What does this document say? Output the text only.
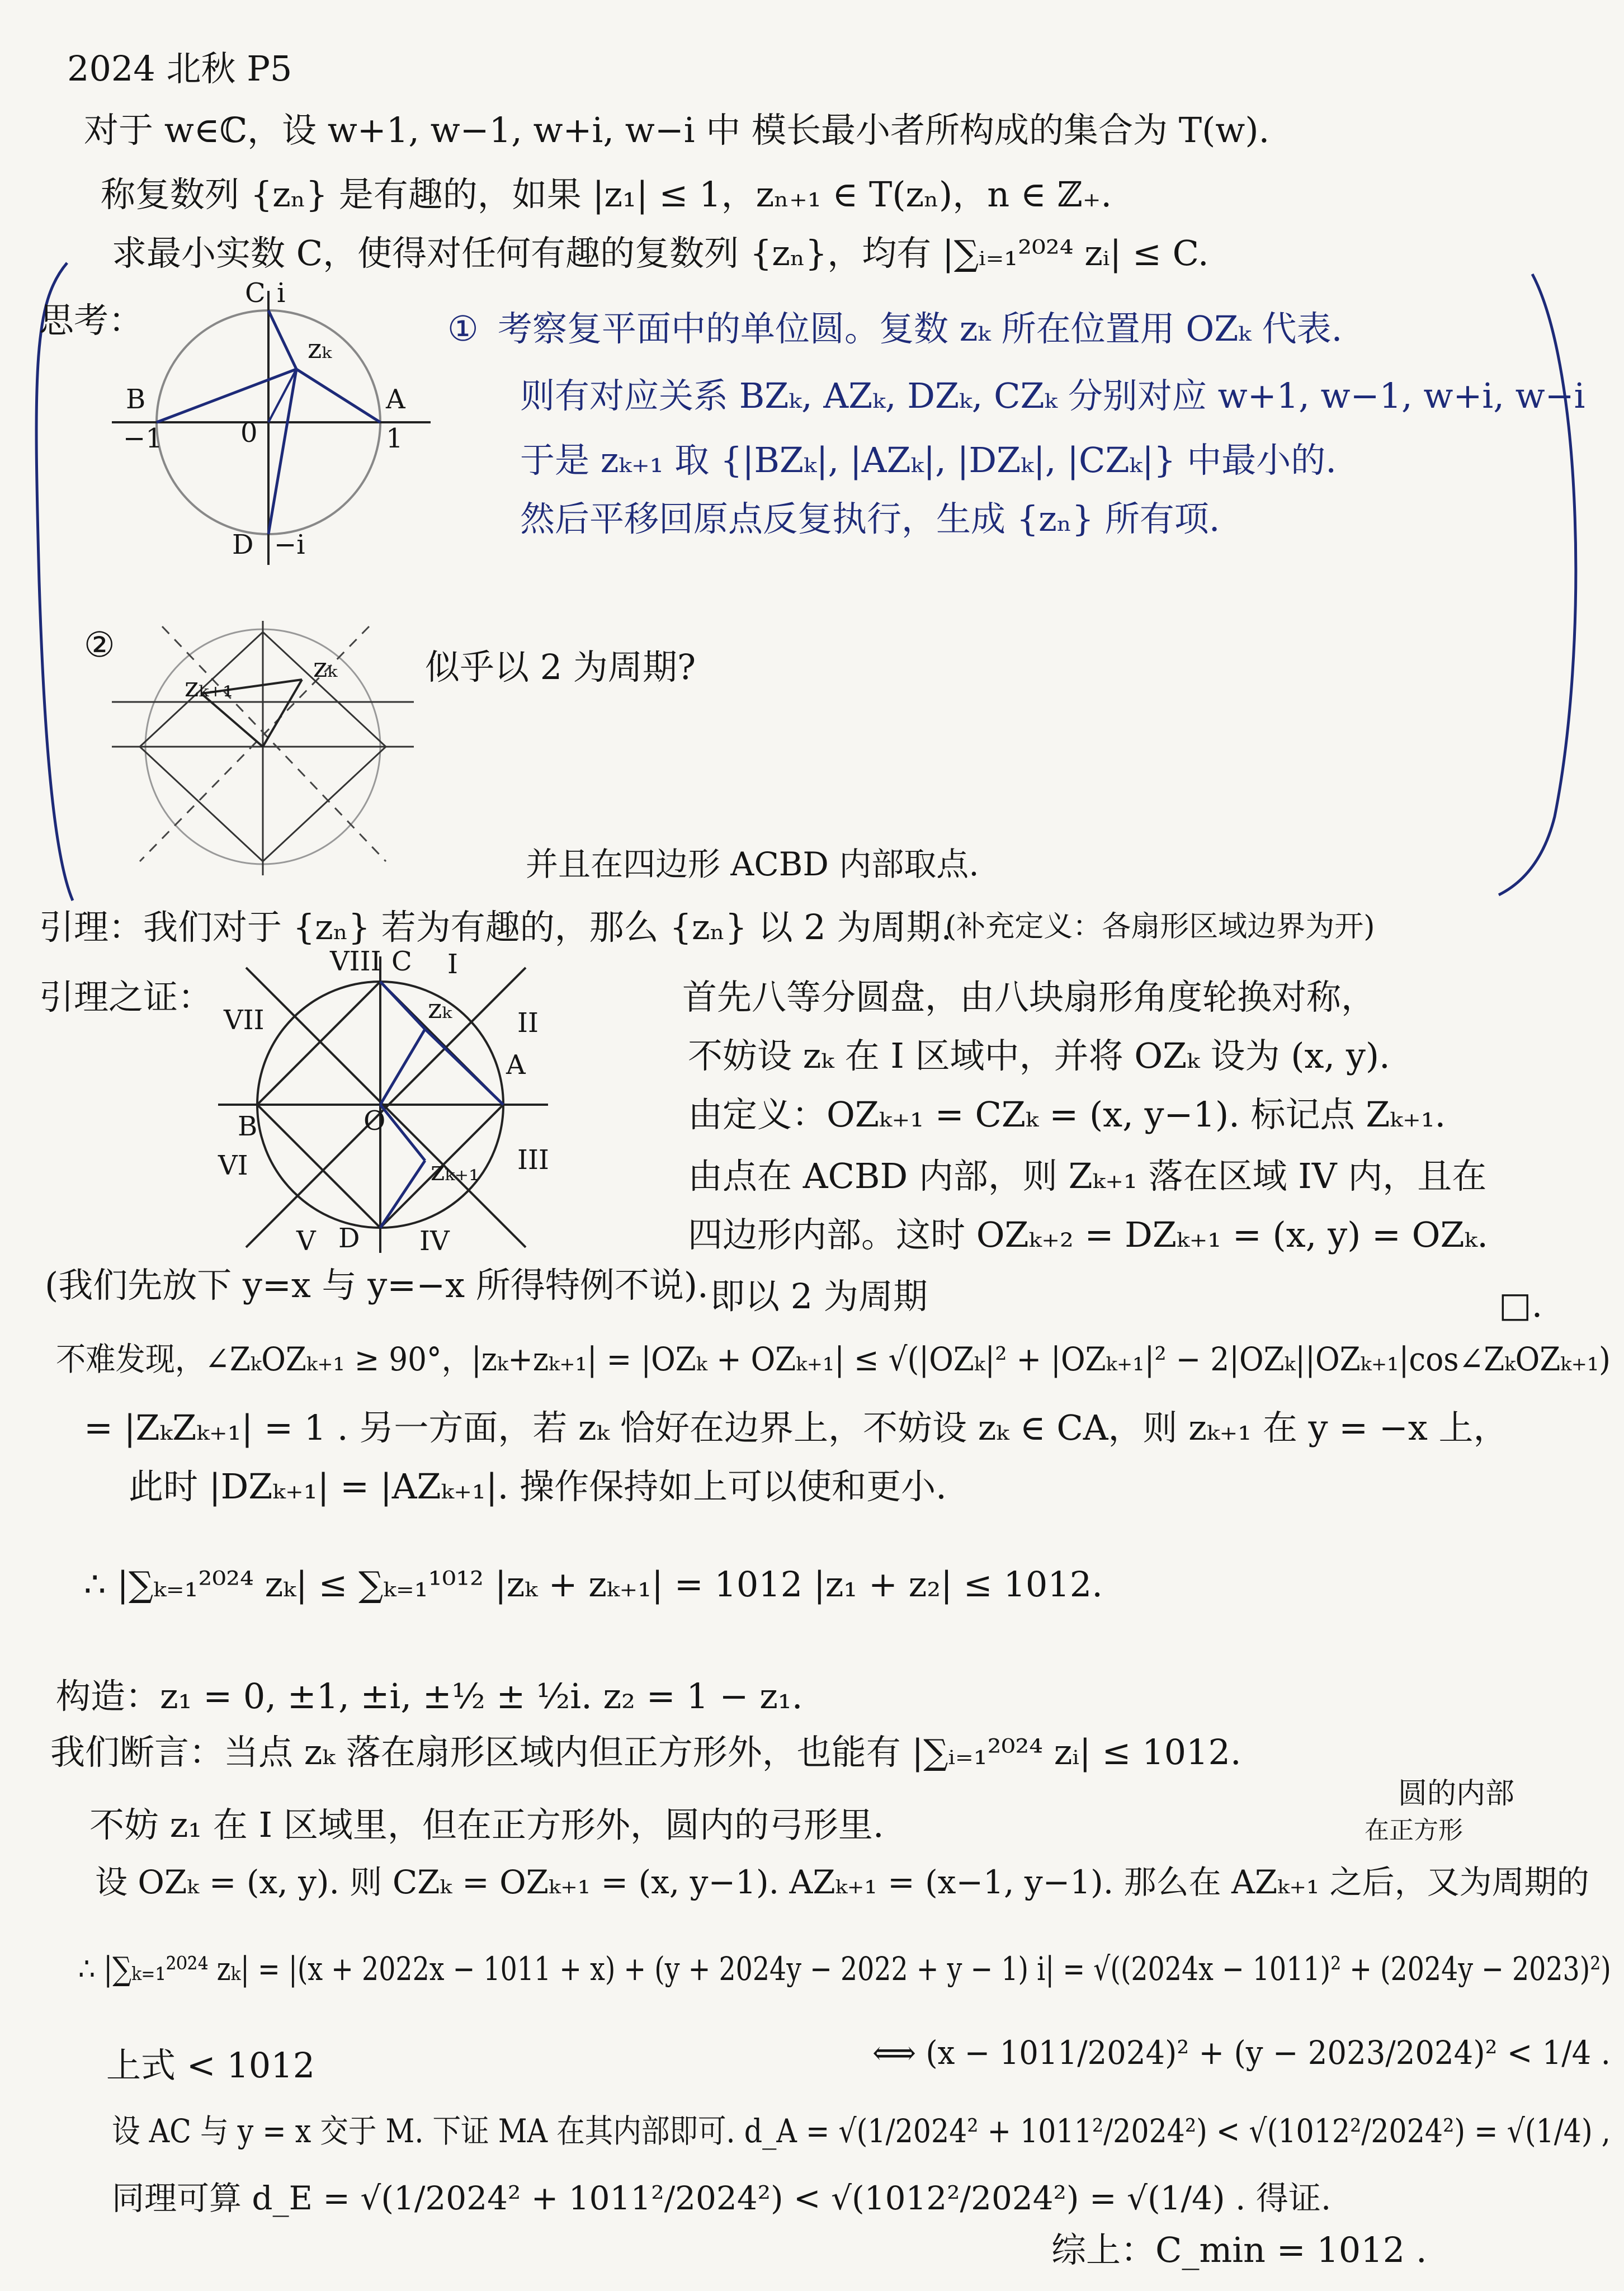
2024 北秋 P5
对于 w∈ℂ，设 w+1, w−1, w+i, w−i 中 模长最小者所构成的集合为 T(w).
称复数列 {zₙ} 是有趣的，如果 |z₁| ≤ 1，zₙ₊₁ ∈ T(zₙ)，n ∈ ℤ₊.
求最小实数 C，使得对任何有趣的复数列 {zₙ}，均有 |∑ᵢ₌₁²⁰²⁴ zᵢ| ≤ C.
思考：
C i
zₖ
B	A
−1	1
0
D −i
① 考察复平面中的单位圆。复数 zₖ 所在位置用 OZₖ 代表.
则有对应关系 BZₖ, AZₖ, DZₖ, CZₖ 分别对应 w+1, w−1, w+i, w−i
于是 zₖ₊₁ 取 {|BZₖ|, |AZₖ|, |DZₖ|, |CZₖ|} 中最小的.
然后平移回原点反复执行，生成 {zₙ} 所有项.
②
zₖ₊₁
zₖ	似乎以 2 为周期?
并且在四边形 ACBD 内部取点.
引理：我们对于 {zₙ} 若为有趣的，那么 {zₙ} 以 2 为周期.
(补充定义：各扇形区域边界为开)
引理之证：
VIII C I
zₖ II
VII
A
B	O
zₖ₊₁
VI	III
V D IV
首先八等分圆盘，由八块扇形角度轮换对称，
不妨设 zₖ 在 I 区域中，并将 OZₖ 设为 (x, y).
由定义：OZₖ₊₁ = CZₖ = (x, y−1). 标记点 Zₖ₊₁.
由点在 ACBD 内部，则 Zₖ₊₁ 落在区域 IV 内，且在
四边形内部。这时 OZₖ₊₂ = DZₖ₊₁ = (x, y) = OZₖ.
即以 2 为周期	□.
(我们先放下 y=x 与 y=−x 所得特例不说).
不难发现，∠ZₖOZₖ₊₁ ≥ 90°，|zₖ+zₖ₊₁| = |OZₖ + OZₖ₊₁| ≤ √(|OZₖ|² + |OZₖ₊₁|² − 2|OZₖ||OZₖ₊₁|cos∠ZₖOZₖ₊₁)
= |ZₖZₖ₊₁| = 1 . 另一方面，若 zₖ 恰好在边界上，不妨设 zₖ ∈ CA，则 zₖ₊₁ 在 y = −x 上，
此时 |DZₖ₊₁| = |AZₖ₊₁|. 操作保持如上可以使和更小.
∴ |∑ₖ₌₁²⁰²⁴ zₖ| ≤ ∑ₖ₌₁¹⁰¹² |zₖ + zₖ₊₁| = 1012 |z₁ + z₂| ≤ 1012.
构造：z₁ = 0, ±1, ±i, ±½ ± ½i. z₂ = 1 − z₁.
我们断言：当点 zₖ 落在扇形区域内但正方形外，也能有 |∑ᵢ₌₁²⁰²⁴ zᵢ| ≤ 1012.
圆的内部
在正方形
不妨 z₁ 在 I 区域里，但在正方形外，圆内的弓形里.
设 OZₖ = (x, y). 则 CZₖ = OZₖ₊₁ = (x, y−1). AZₖ₊₁ = (x−1, y−1). 那么在 AZₖ₊₁ 之后，又为周期的
∴ |∑ₖ₌₁²⁰²⁴ zₖ| = |(x + 2022x − 1011 + x) + (y + 2024y − 2022 + y − 1) i| = √((2024x − 1011)² + (2024y − 2023)²)
上式 < 1012	⟺ (x − 1011/2024)² + (y − 2023/2024)² < 1/4 .
设 AC 与 y = x 交于 M. 下证 MA 在其内部即可. d_A = √(1/2024² + 1011²/2024²) < √(1012²/2024²) = √(1/4) ,
同理可算 d_E = √(1/2024² + 1011²/2024²) < √(1012²/2024²) = √(1/4) . 得证.
综上：C_min = 1012 .
